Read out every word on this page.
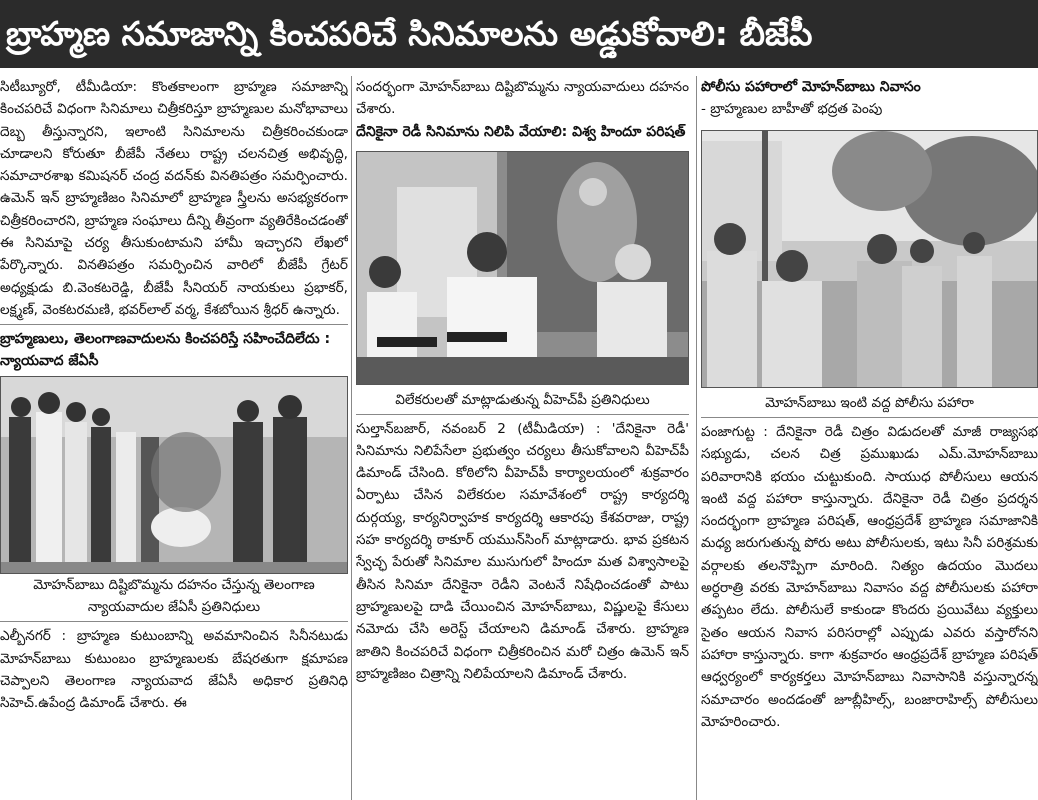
బ్రాహ్మణ సమాజాన్ని కించపరిచే సినిమాలను అడ్డుకోవాలి: బీజేపీ

సిటీబ్యూరో, టీమీడియా: కొంతకాలంగా బ్రాహ్మణ సమాజాన్ని కించపరిచే విధంగా సినిమాలు చిత్రీకరిస్తూ బ్రాహ్మణుల మనోభావాలు దెబ్బ తీస్తున్నారని, ఇలాంటి సినిమాలను చిత్రీకరించకుండా చూడాలని కోరుతూ బీజేపీ నేతలు రాష్ట్ర చలనచిత్ర అభివృద్ధి, సమాచారశాఖ కమిషనర్ చంద్ర వదన్‌కు వినతిపత్రం సమర్పించారు. ఉమెన్ ఇన్ బ్రాహ్మణిజం సినిమాలో బ్రాహ్మణ స్త్రీలను అసభ్యకరంగా చిత్రీకరించారని, బ్రాహ్మణ సంఘాలు దీన్ని తీవ్రంగా వ్యతిరేకించడంతో ఈ సినిమాపై చర్య తీసుకుంటామని హామీ ఇచ్చారని లేఖలో పేర్కొన్నారు. వినతిపత్రం సమర్పించిన వారిలో బీజేపీ గ్రేటర్ అధ్యక్షుడు బి.వెంకటరెడ్డి, బీజేపీ సీనియర్ నాయకులు ప్రభాకర్, లక్ష్మణ్, వెంకటరమణి, భవర్‌లాల్ వర్మ, కేశబోయిన శ్రీధర్ ఉన్నారు.

బ్రాహ్మణులు, తెలంగాణవాదులను కించపరిస్తే సహించేదిలేదు : న్యాయవాద జేఏసీ

మోహన్‌బాబు దిష్టిబొమ్మను దహనం చేస్తున్న తెలంగాణ న్యాయవాదుల జేఏసీ ప్రతినిధులు

ఎల్బీనగర్ : బ్రాహ్మణ కుటుంబాన్ని అవమానించిన సినీనటుడు మోహన్‌బాబు కుటుంబం బ్రాహ్మణులకు బేషరతుగా క్షమాపణ చెప్పాలని తెలంగాణ న్యాయవాద జేఏసీ అధికార ప్రతినిధి సిహెచ్.ఉపేంద్ర డిమాండ్ చేశారు. ఈ

సందర్భంగా మోహన్‌బాబు దిష్టిబొమ్మను న్యాయవాదులు దహనం చేశారు.

దేనికైనా రెడీ సినిమాను నిలిపి వేయాలి: విశ్వ హిందూ పరిషత్

విలేకరులతో మాట్లాడుతున్న వీహెచ్‌పీ ప్రతినిధులు

సుల్తాన్‌బజార్, నవంబర్ 2 (టీమీడియా) : 'దేనికైనా రెడీ' సినిమాను నిలిపేసేలా ప్రభుత్వం చర్యలు తీసుకోవాలని వీహెచ్‌పీ డిమాండ్ చేసింది. కోఠిలోని వీహెచ్‌పీ కార్యాలయంలో శుక్రవారం ఏర్పాటు చేసిన విలేకరుల సమావేశంలో రాష్ట్ర కార్యదర్శి దుర్గయ్య, కార్యనిర్వాహక కార్యదర్శి ఆకారపు కేశవరాజు, రాష్ట్ర సహ కార్యదర్శి ఠాకూర్ యమున్‌సింగ్ మాట్లాడారు. భావ ప్రకటన స్వేచ్ఛ పేరుతో సినిమాల ముసుగులో హిందూ మత విశ్వాసాలపై తీసిన సినిమా దేనికైనా రెడీని వెంటనే నిషేధించడంతో పాటు బ్రాహ్మణులపై దాడి చేయించిన మోహన్‌బాబు, విష్ణులపై కేసులు నమోదు చేసి అరెస్ట్ చేయాలని డిమాండ్ చేశారు. బ్రాహ్మణ జాతిని కించపరిచే విధంగా చిత్రీకరించిన మరో చిత్రం ఉమెన్ ఇన్ బ్రాహ్మణిజం చిత్రాన్ని నిలిపేయాలని డిమాండ్ చేశారు.

పోలీసు పహారాలో మోహన్‌బాబు నివాసం

- బ్రాహ్మణుల బాహీతో భద్రత పెంపు

మోహన్‌బాబు ఇంటి వద్ద పోలీసు పహారా

పంజాగుట్ట : దేనికైనా రెడీ చిత్రం విడుదలతో మాజీ రాజ్యసభ సభ్యుడు, చలన చిత్ర ప్రముఖుడు ఎమ్.మోహన్‌బాబు పరివారానికి భయం చుట్టుకుంది. సాయుధ పోలీసులు ఆయన ఇంటి వద్ద పహారా కాస్తున్నారు. దేనికైనా రెడీ చిత్రం ప్రదర్శన సందర్భంగా బ్రాహ్మణ పరిషత్, ఆంధ్రప్రదేశ్ బ్రాహ్మణ సమాజానికి మధ్య జరుగుతున్న పోరు అటు పోలీసులకు, ఇటు సినీ పరిశ్రమకు వర్గాలకు తలనొప్పిగా మారింది. నిత్యం ఉదయం మొదలు అర్ధరాత్రి వరకు మోహన్‌బాబు నివాసం వద్ద పోలీసులకు పహారా తప్పటం లేదు. పోలీసులే కాకుండా కొందరు ప్రయివేటు వ్యక్తులు సైతం ఆయన నివాస పరిసరాల్లో ఎప్పుడు ఎవరు వస్తారోనని పహారా కాస్తున్నారు. కాగా శుక్రవారం ఆంధ్రప్రదేశ్ బ్రాహ్మణ పరిషత్ ఆధ్వర్యంలో కార్యకర్తలు మోహన్‌బాబు నివాసానికి వస్తున్నారన్న సమాచారం అందడంతో జూబ్లీహిల్స్, బంజారాహిల్స్ పోలీసులు మోహరించారు.
